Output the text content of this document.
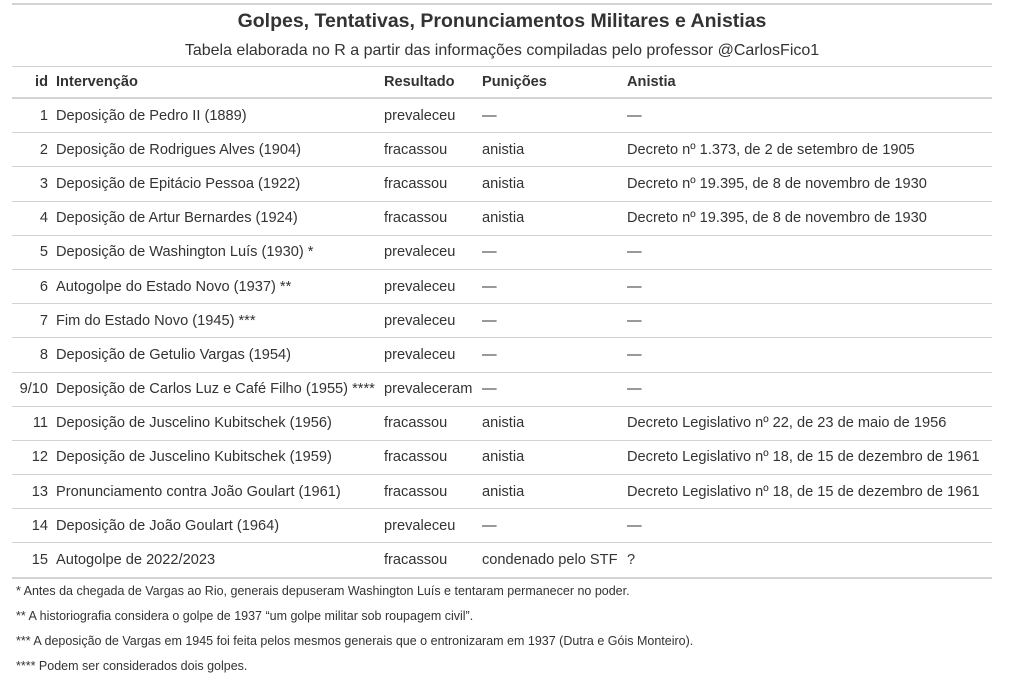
Golpes, Tentativas, Pronunciamentos Militares e Anistias
Tabela elaborada no R a partir das informações compiladas pelo professor @CarlosFico1
id	Intervenção	Resultado	Punições	Anistia
1	Deposição de Pedro II (1889)	prevaleceu	—	—
2	Deposição de Rodrigues Alves (1904)	fracassou	anistia	Decreto nº 1.373, de 2 de setembro de 1905
3	Deposição de Epitácio Pessoa (1922)	fracassou	anistia	Decreto nº 19.395, de 8 de novembro de 1930
4	Deposição de Artur Bernardes (1924)	fracassou	anistia	Decreto nº 19.395, de 8 de novembro de 1930
5	Deposição de Washington Luís (1930) *	prevaleceu	—	—
6	Autogolpe do Estado Novo (1937) **	prevaleceu	—	—
7	Fim do Estado Novo (1945) ***	prevaleceu	—	—
8	Deposição de Getulio Vargas (1954)	prevaleceu	—	—
9/10	Deposição de Carlos Luz e Café Filho (1955) ****	prevaleceram	—	—
11	Deposição de Juscelino Kubitschek (1956)	fracassou	anistia	Decreto Legislativo nº 22, de 23 de maio de 1956
12	Deposição de Juscelino Kubitschek (1959)	fracassou	anistia	Decreto Legislativo nº 18, de 15 de dezembro de 1961
13	Pronunciamento contra João Goulart (1961)	fracassou	anistia	Decreto Legislativo nº 18, de 15 de dezembro de 1961
14	Deposição de João Goulart (1964)	prevaleceu	—	—
15	Autogolpe de 2022/2023	fracassou	condenado pelo STF	?
* Antes da chegada de Vargas ao Rio, generais depuseram Washington Luís e tentaram permanecer no poder.
** A historiografia considera o golpe de 1937 “um golpe militar sob roupagem civil”.
*** A deposição de Vargas em 1945 foi feita pelos mesmos generais que o entronizaram em 1937 (Dutra e Góis Monteiro).
**** Podem ser considerados dois golpes.
